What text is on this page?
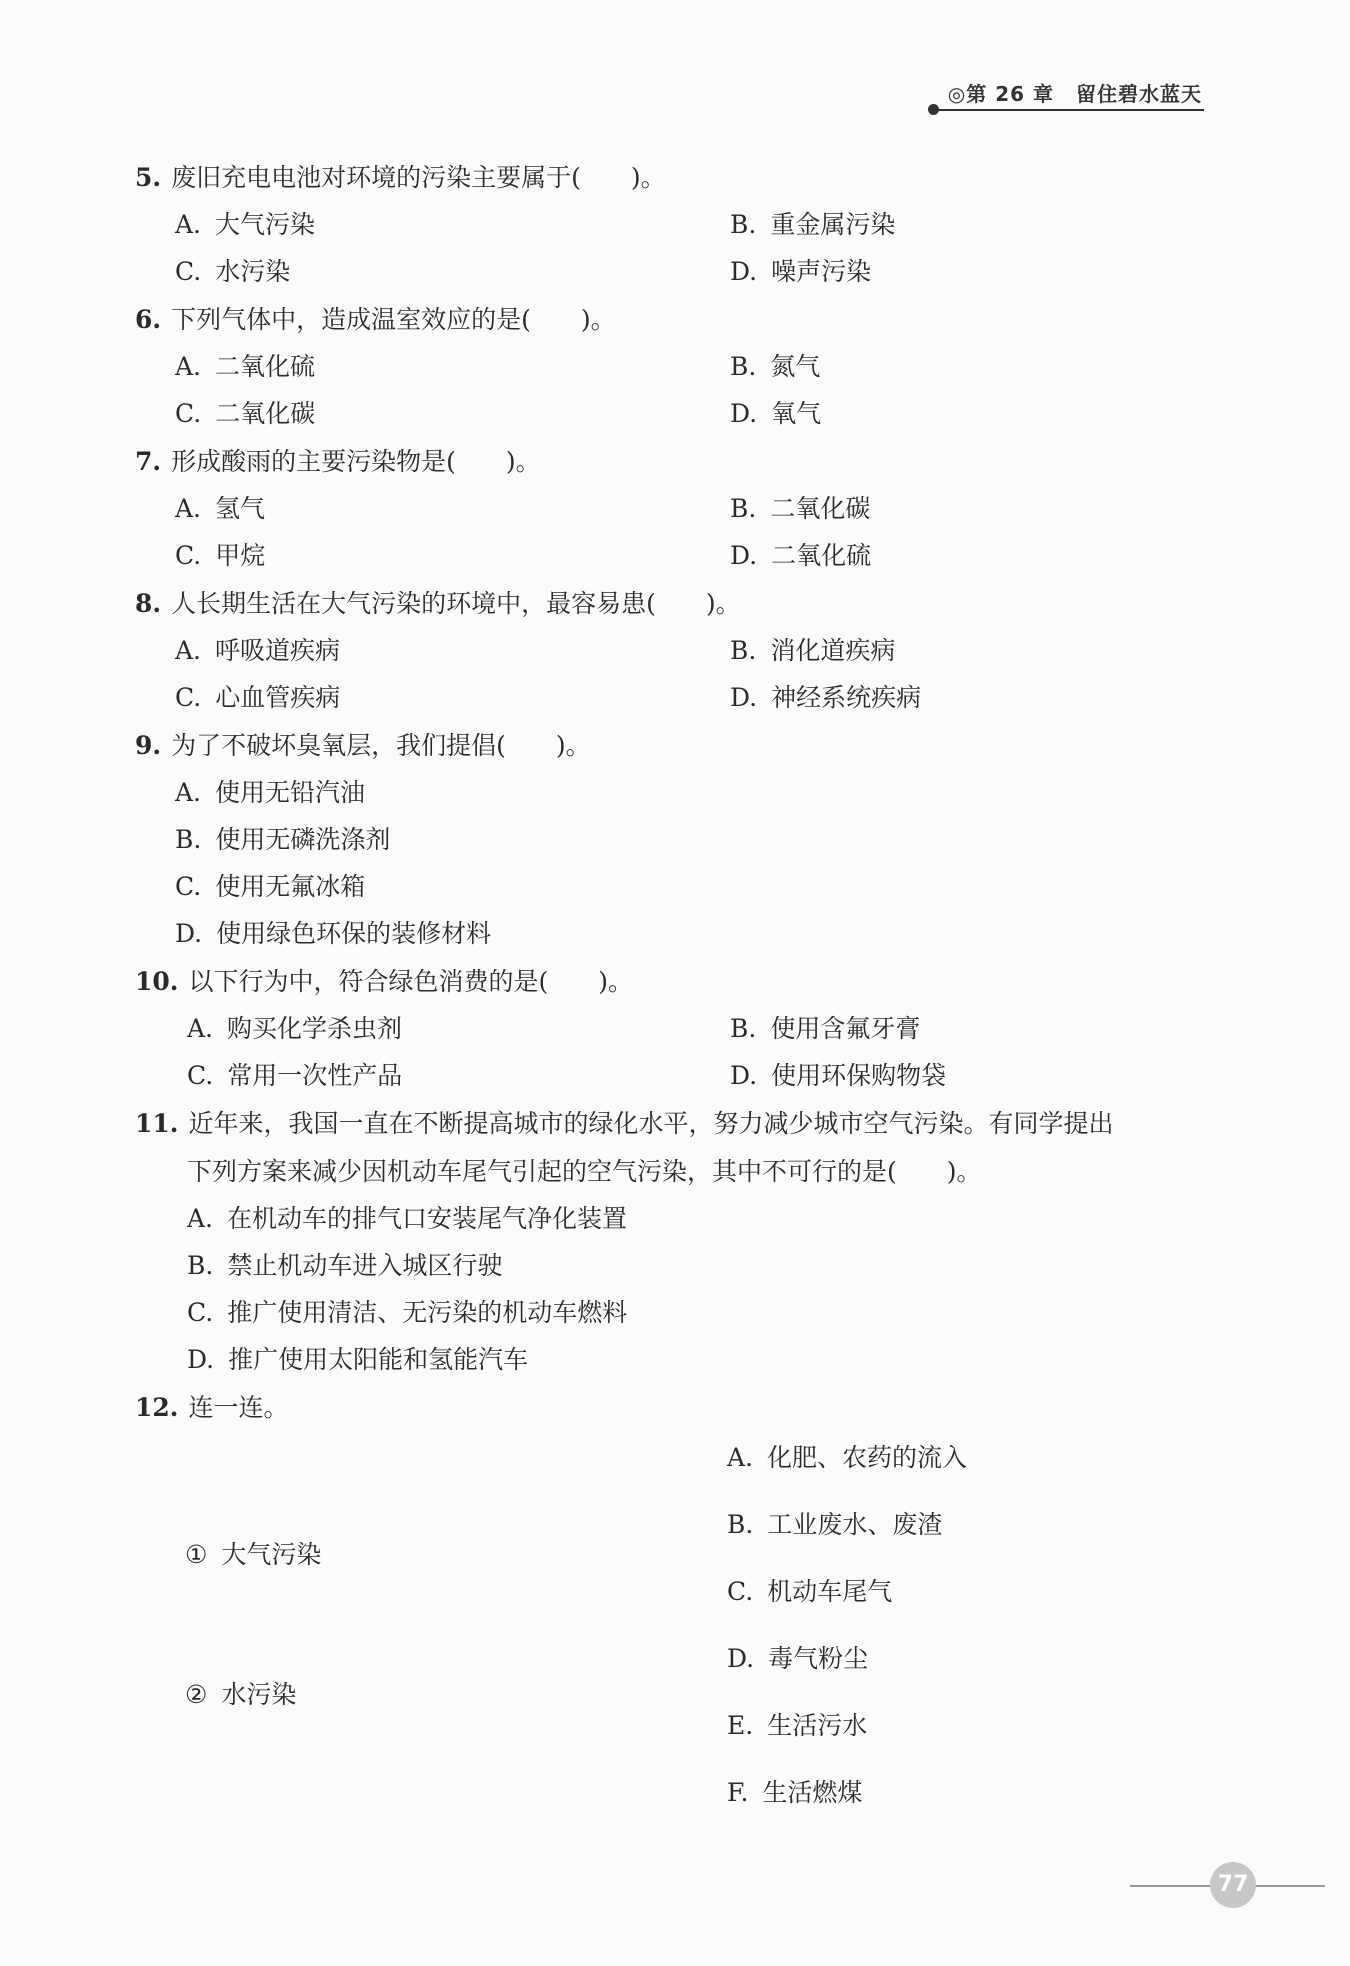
◎第 26 章 留住碧水蓝天
5. 废旧充电电池对环境的污染主要属于(　　)。
A. 大气污染	B. 重金属污染
C. 水污染	D. 噪声污染
6. 下列气体中，造成温室效应的是(　　)。
A. 二氧化硫	B. 氮气
C. 二氧化碳	D. 氧气
7. 形成酸雨的主要污染物是(　　)。
A. 氢气	B. 二氧化碳
C. 甲烷	D. 二氧化硫
8. 人长期生活在大气污染的环境中，最容易患(　　)。
A. 呼吸道疾病	B. 消化道疾病
C. 心血管疾病	D. 神经系统疾病
9. 为了不破坏臭氧层，我们提倡(　　)。
A. 使用无铅汽油
B. 使用无磷洗涤剂
C. 使用无氟冰箱
D. 使用绿色环保的装修材料
10. 以下行为中，符合绿色消费的是(　　)。
A. 购买化学杀虫剂	B. 使用含氟牙膏
C. 常用一次性产品	D. 使用环保购物袋
11. 近年来，我国一直在不断提高城市的绿化水平，努力减少城市空气污染。有同学提出
下列方案来减少因机动车尾气引起的空气污染，其中不可行的是(　　)。
A. 在机动车的排气口安装尾气净化装置
B. 禁止机动车进入城区行驶
C. 推广使用清洁、无污染的机动车燃料
D. 推广使用太阳能和氢能汽车
12. 连一连。
① 大气污染
② 水污染
A. 化肥、农药的流入
B. 工业废水、废渣
C. 机动车尾气
D. 毒气粉尘
E. 生活污水
F. 生活燃煤
77
